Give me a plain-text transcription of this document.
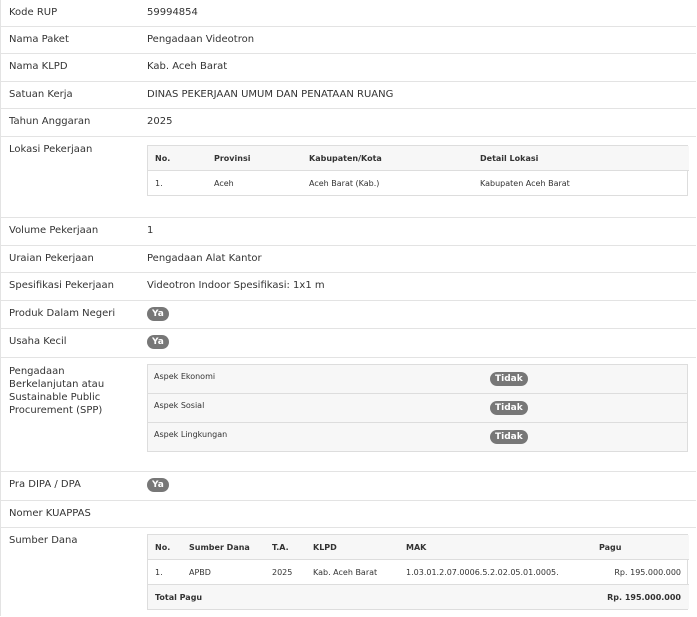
Kode RUP	59994854
Nama Paket	Pengadaan Videotron
Nama KLPD	Kab. Aceh Barat
Satuan Kerja	DINAS PEKERJAAN UMUM DAN PENATAAN RUANG
Tahun Anggaran	2025
Lokasi Pekerjaan
No.	Provinsi	Kabupaten/Kota	Detail Lokasi
1.	Aceh	Aceh Barat (Kab.)	Kabupaten Aceh Barat
Volume Pekerjaan	1
Uraian Pekerjaan	Pengadaan Alat Kantor
Spesifikasi Pekerjaan	Videotron Indoor Spesifikasi: 1x1 m
Produk Dalam Negeri	Ya
Usaha Kecil	Ya
Pengadaan Berkelanjutan atau Sustainable Public Procurement (SPP)
Aspek Ekonomi	Tidak
Aspek Sosial	Tidak
Aspek Lingkungan	Tidak
Pra DIPA / DPA	Ya
Nomer KUAPPAS
Sumber Dana
No.	Sumber Dana	T.A.	KLPD	MAK	Pagu
1.	APBD	2025	Kab. Aceh Barat	1.03.01.2.07.0006.5.2.02.05.01.0005.	Rp. 195.000.000
Total Pagu					Rp. 195.000.000
